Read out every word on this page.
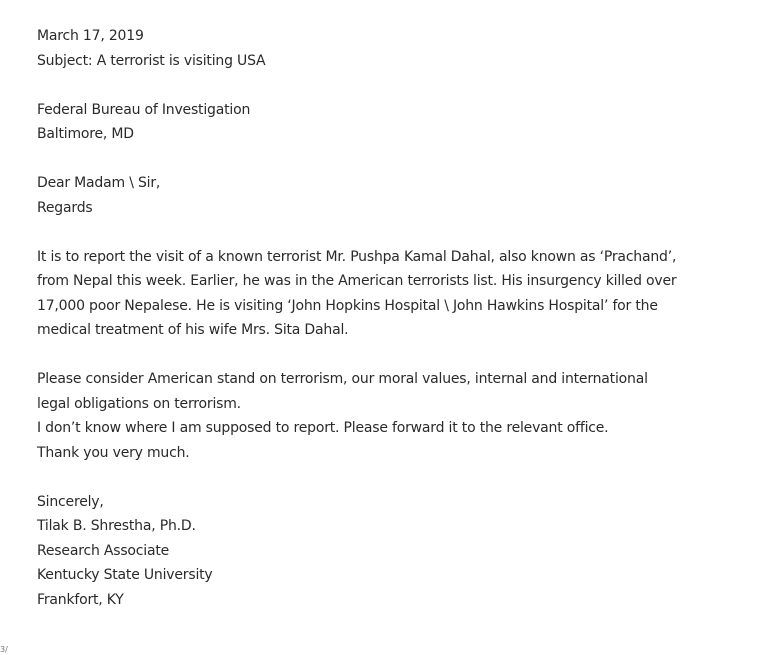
March 17, 2019
Subject: A terrorist is visiting USA
Federal Bureau of Investigation
Baltimore, MD
Dear Madam \ Sir,
Regards
It is to report the visit of a known terrorist Mr. Pushpa Kamal Dahal, also known as ‘Prachand’,
from Nepal this week. Earlier, he was in the American terrorists list. His insurgency killed over
17,000 poor Nepalese. He is visiting ‘John Hopkins Hospital \ John Hawkins Hospital’ for the
medical treatment of his wife Mrs. Sita Dahal.
Please consider American stand on terrorism, our moral values, internal and international
legal obligations on terrorism.
I don’t know where I am supposed to report. Please forward it to the relevant office.
Thank you very much.
Sincerely,
Tilak B. Shrestha, Ph.D.
Research Associate
Kentucky State University
Frankfort, KY
3/
